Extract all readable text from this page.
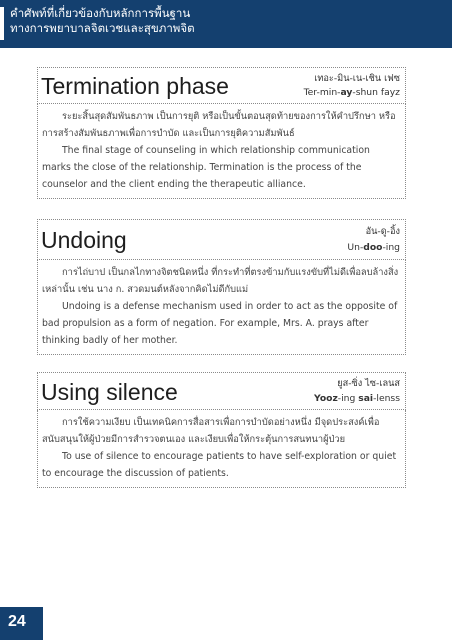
คำศัพท์ที่เกี่ยวข้องกับหลักการพื้นฐาน
ทางการพยาบาลจิตเวชและสุขภาพจิต
Termination phase	เทอะ-มิน-เน-เชิน เฟซ
Ter-min-ay-shun fayz

ระยะสิ้นสุดสัมพันธภาพ เป็นการยุติ หรือเป็นขั้นตอนสุดท้ายของการให้คำปรึกษา หรือการสร้างสัมพันธภาพเพื่อการบำบัด และเป็นการยุติความสัมพันธ์

The final stage of counseling in which relationship communication marks the close of the relationship. Termination is the process of the counselor and the client ending the therapeutic alliance.

Undoing	อัน-ดู-อิ้ง
Un-doo-ing

การไถ่บาป เป็นกลไกทางจิตชนิดหนึ่ง ที่กระทำที่ตรงข้ามกับแรงขับที่ไม่ดีเพื่อลบล้างสิ่งเหล่านั้น เช่น นาง ก. สวดมนต์หลังจากคิดไม่ดีกับแม่

Undoing is a defense mechanism used in order to act as the opposite of bad propulsion as a form of negation. For example, Mrs. A. prays after thinking badly of her mother.

Using silence	ยูส-ซิ่ง ไซ-เลนส
Yooz-ing sai-lenss

การใช้ความเงียบ เป็นเทคนิคการสื่อสารเพื่อการบำบัดอย่างหนึ่ง มีจุดประสงค์เพื่อสนับสนุนให้ผู้ป่วยมีการสำรวจตนเอง และเงียบเพื่อให้กระตุ้นการสนทนาผู้ป่วย

To use of silence to encourage patients to have self-exploration or quiet to encourage the discussion of patients.

24
